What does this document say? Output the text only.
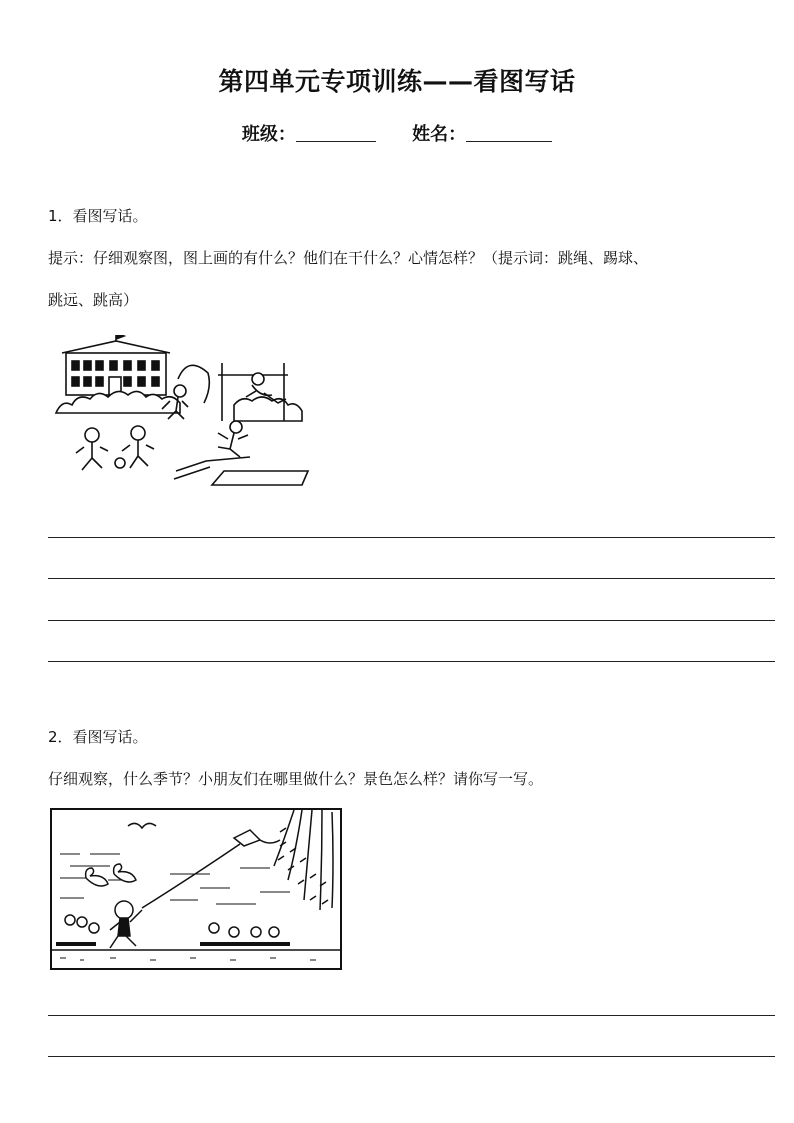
第四单元专项训练——看图写话
班级：	姓名：
1．看图写话。
提示：仔细观察图，图上画的有什么？他们在干什么？心情怎样？（提示词：跳绳、踢球、
跳远、跳高）
2．看图写话。
仔细观察，什么季节？小朋友们在哪里做什么？景色怎么样？请你写一写。
